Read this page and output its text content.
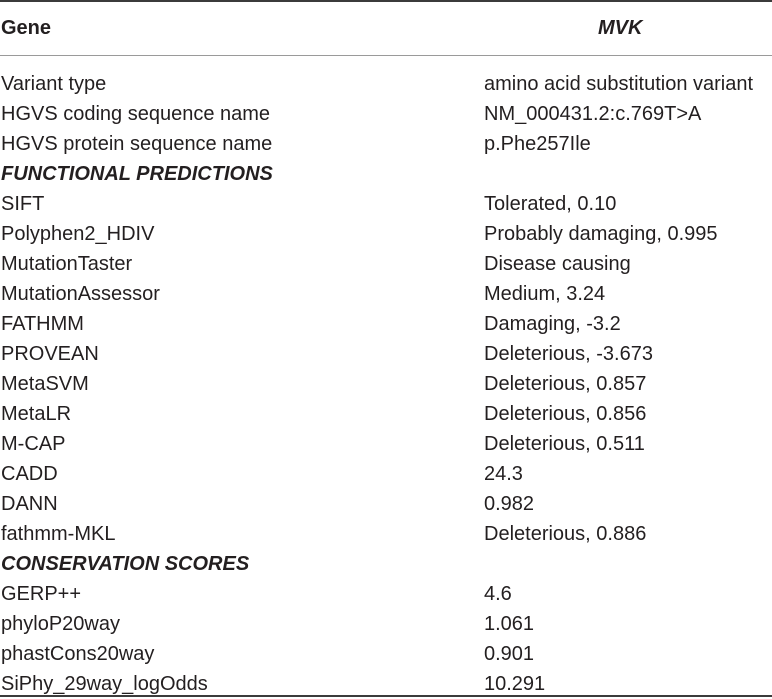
Gene	MVK
Variant type	amino acid substitution variant
HGVS coding sequence name	NM_000431.2:c.769T>A
HGVS protein sequence name	p.Phe257Ile
FUNCTIONAL PREDICTIONS
SIFT	Tolerated, 0.10
Polyphen2_HDIV	Probably damaging, 0.995
MutationTaster	Disease causing
MutationAssessor	Medium, 3.24
FATHMM	Damaging, -3.2
PROVEAN	Deleterious, -3.673
MetaSVM	Deleterious, 0.857
MetaLR	Deleterious, 0.856
M-CAP	Deleterious, 0.511
CADD	24.3
DANN	0.982
fathmm-MKL	Deleterious, 0.886
CONSERVATION SCORES
GERP++	4.6
phyloP20way	1.061
phastCons20way	0.901
SiPhy_29way_logOdds	10.291
